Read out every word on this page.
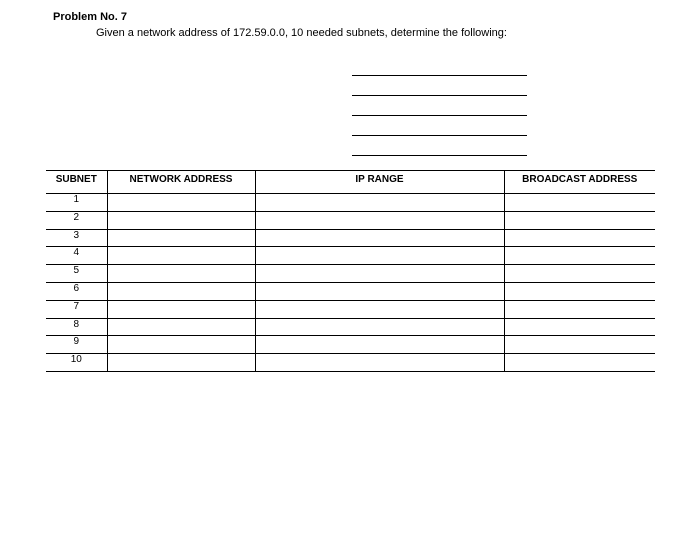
Problem No. 7

Given a network address of 172.59.0.0, 10 needed subnets, determine the following:

SUBNET	NETWORK ADDRESS	IP RANGE	BROADCAST ADDRESS
1			
2			
3			
4			
5			
6			
7			
8			
9			
10			
